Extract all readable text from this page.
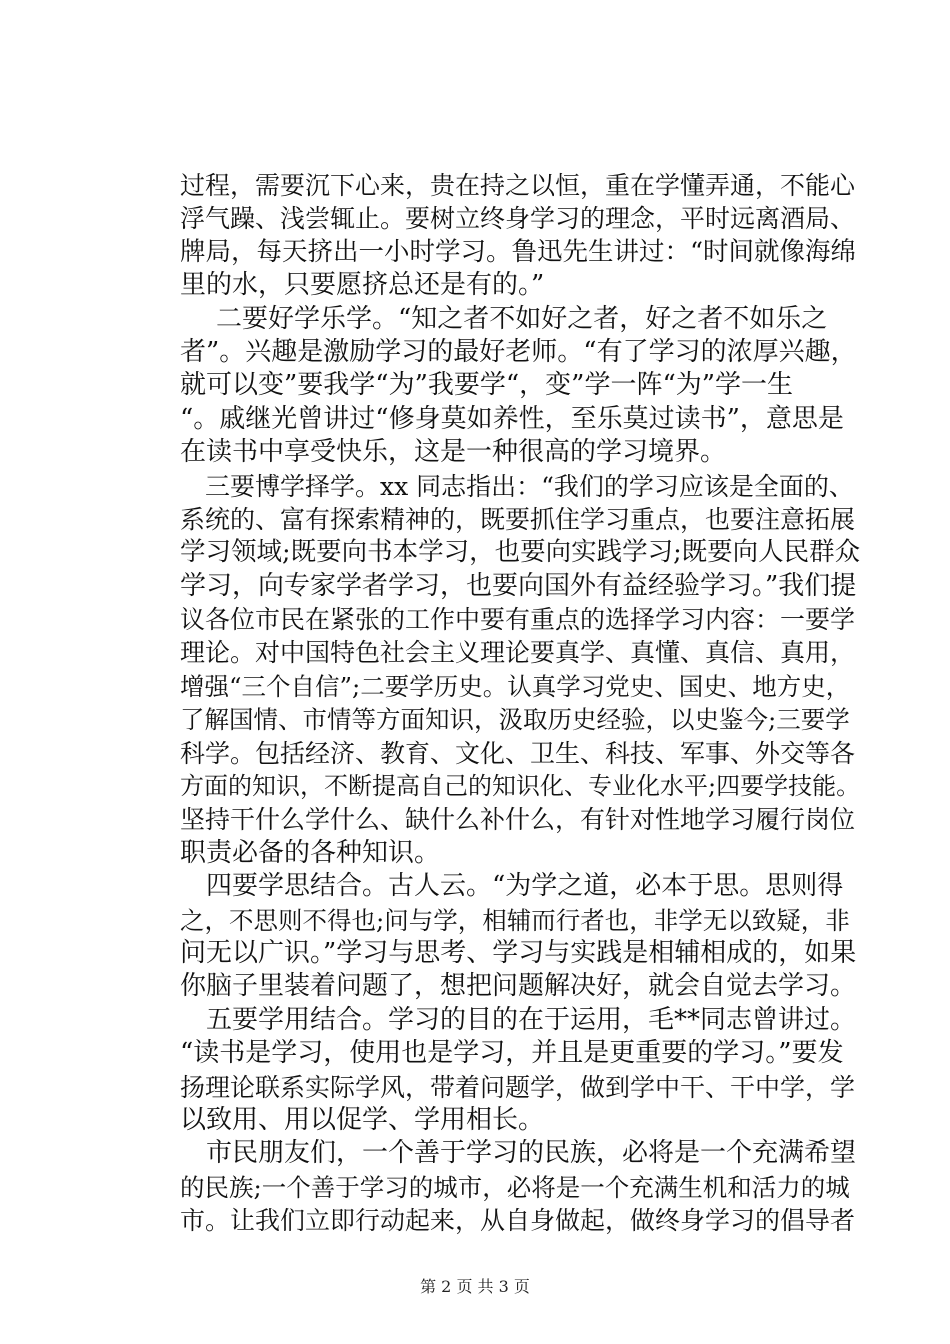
过程，需要沉下心来，贵在持之以恒，重在学懂弄通，不能心
浮气躁、浅尝辄止。要树立终身学习的理念，平时远离酒局、
牌局，每天挤出一小时学习。鲁迅先生讲过：“时间就像海绵
里的水，只要愿挤总还是有的。”
　二要好学乐学。“知之者不如好之者，好之者不如乐之
者”。兴趣是激励学习的最好老师。“有了学习的浓厚兴趣，
就可以变”要我学“为”我要学“，变”学一阵“为”学一生
“。戚继光曾讲过“修身莫如养性，至乐莫过读书”，意思是
在读书中享受快乐，这是一种很高的学习境界。
　三要博学择学。xx 同志指出：“我们的学习应该是全面的、
系统的、富有探索精神的，既要抓住学习重点，也要注意拓展
学习领域;既要向书本学习，也要向实践学习;既要向人民群众
学习，向专家学者学习，也要向国外有益经验学习。”我们提
议各位市民在紧张的工作中要有重点的选择学习内容：一要学
理论。对中国特色社会主义理论要真学、真懂、真信、真用，
增强“三个自信”;二要学历史。认真学习党史、国史、地方史，
了解国情、市情等方面知识，汲取历史经验，以史鉴今;三要学
科学。包括经济、教育、文化、卫生、科技、军事、外交等各
方面的知识，不断提高自己的知识化、专业化水平;四要学技能。
坚持干什么学什么、缺什么补什么，有针对性地学习履行岗位
职责必备的各种知识。
　四要学思结合。古人云。“为学之道，必本于思。思则得
之，不思则不得也;问与学，相辅而行者也，非学无以致疑，非
问无以广识。”学习与思考、学习与实践是相辅相成的，如果
你脑子里装着问题了，想把问题解决好，就会自觉去学习。
　五要学用结合。学习的目的在于运用，毛**同志曾讲过。
“读书是学习，使用也是学习，并且是更重要的学习。”要发
扬理论联系实际学风，带着问题学，做到学中干、干中学，学
以致用、用以促学、学用相长。
　市民朋友们，一个善于学习的民族，必将是一个充满希望
的民族;一个善于学习的城市，必将是一个充满生机和活力的城
市。让我们立即行动起来，从自身做起，做终身学习的倡导者
第 2 页 共 3 页
